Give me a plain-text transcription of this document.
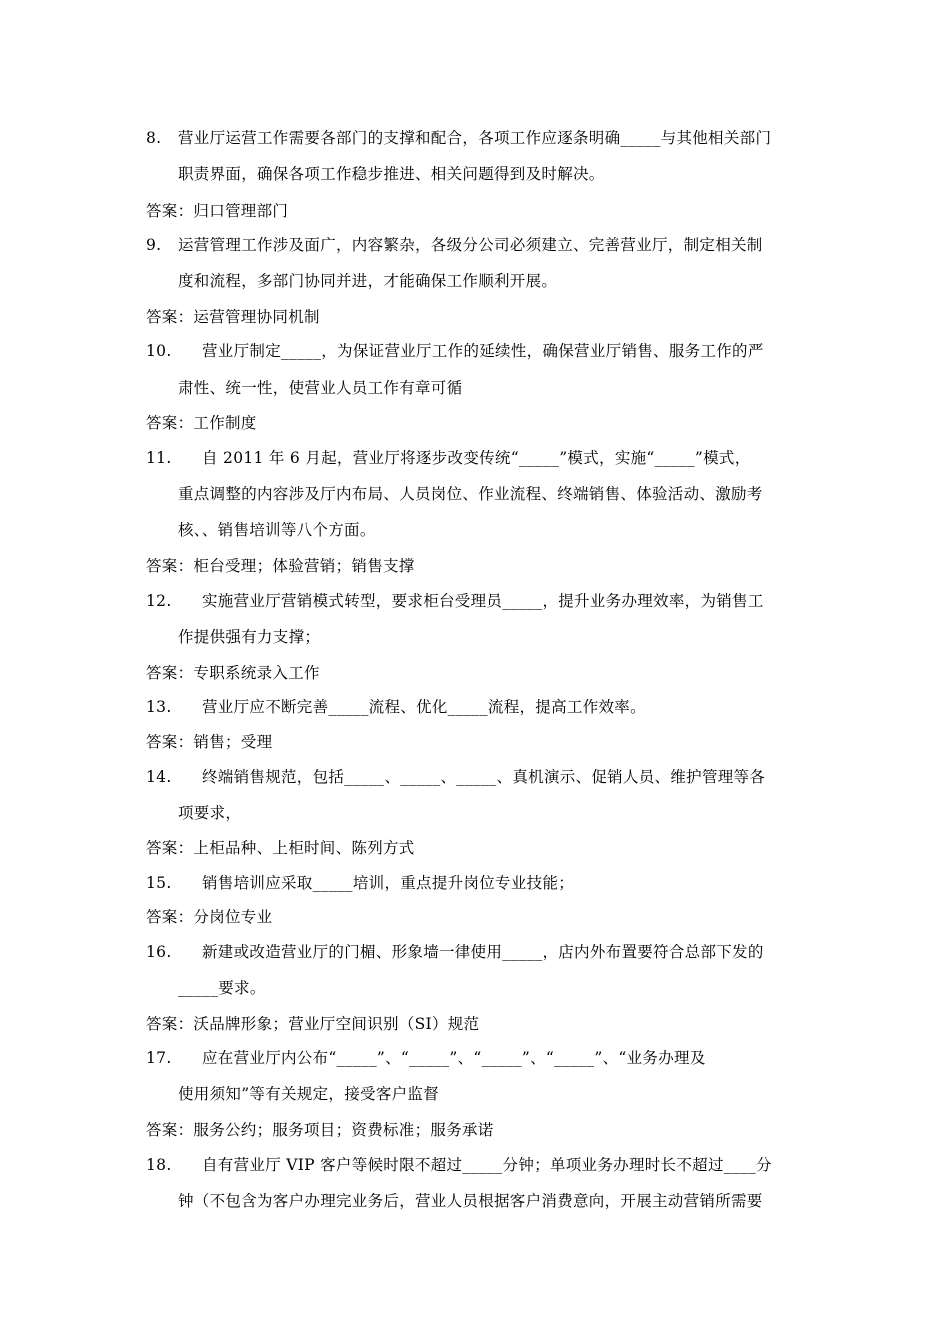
8. 营业厅运营工作需要各部门的支撑和配合，各项工作应逐条明确_____与其他相关部门
职责界面，确保各项工作稳步推进、相关问题得到及时解决。
答案：归口管理部门
9. 运营管理工作涉及面广，内容繁杂，各级分公司必须建立、完善营业厅，制定相关制
度和流程，多部门协同并进，才能确保工作顺利开展。
答案：运营管理协同机制
10. 营业厅制定_____，为保证营业厅工作的延续性，确保营业厅销售、服务工作的严
肃性、统一性，使营业人员工作有章可循
答案：工作制度
11. 自 2011 年 6 月起，营业厅将逐步改变传统“_____”模式，实施“_____”模式，
重点调整的内容涉及厅内布局、人员岗位、作业流程、终端销售、体验活动、激励考
核、、销售培训等八个方面。
答案：柜台受理；体验营销；销售支撑
12. 实施营业厅营销模式转型，要求柜台受理员_____，提升业务办理效率，为销售工
作提供强有力支撑；
答案：专职系统录入工作
13. 营业厅应不断完善_____流程、优化_____流程，提高工作效率。
答案：销售；受理
14. 终端销售规范，包括_____、_____、_____、真机演示、促销人员、维护管理等各
项要求，
答案：上柜品种、上柜时间、陈列方式
15. 销售培训应采取_____培训，重点提升岗位专业技能；
答案：分岗位专业
16. 新建或改造营业厅的门楣、形象墙一律使用_____，店内外布置要符合总部下发的
_____要求。
答案：沃品牌形象；营业厅空间识别（SI）规范
17. 应在营业厅内公布“_____”、“_____”、“_____”、“_____”、“业务办理及
使用须知”等有关规定，接受客户监督
答案：服务公约；服务项目；资费标准；服务承诺
18. 自有营业厅 VIP 客户等候时限不超过_____分钟；单项业务办理时长不超过____分
钟（不包含为客户办理完业务后，营业人员根据客户消费意向，开展主动营销所需要
